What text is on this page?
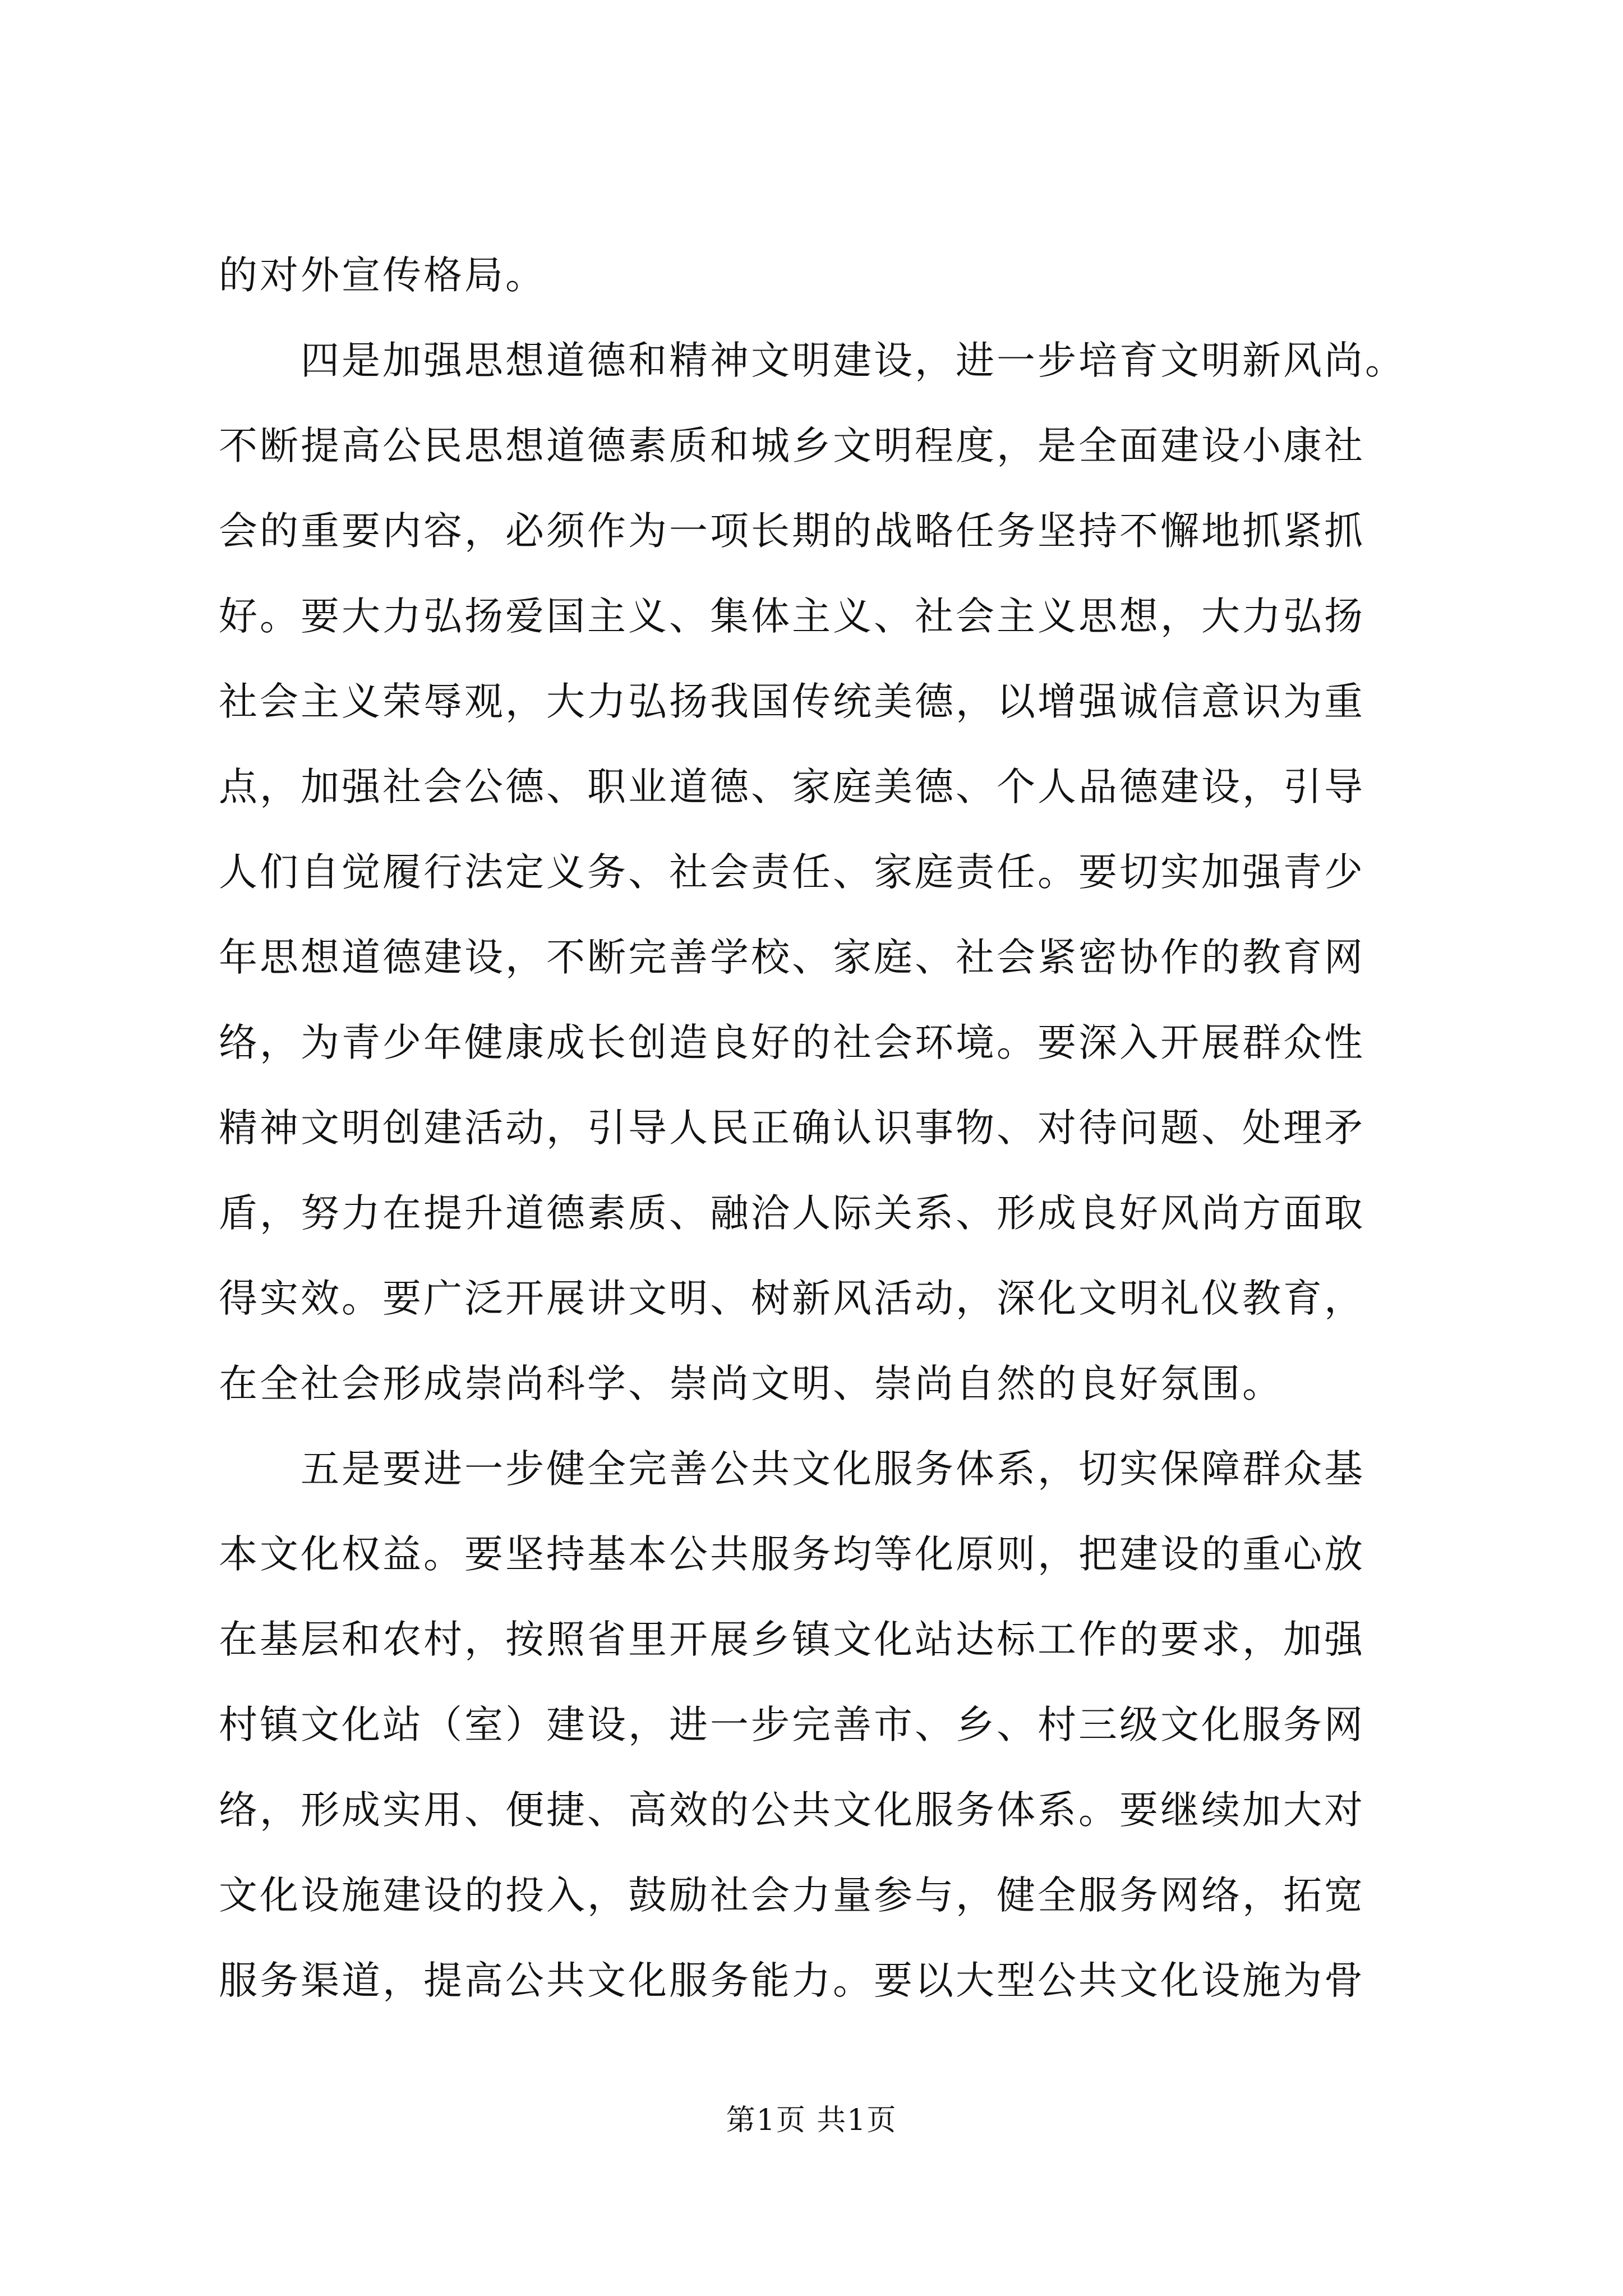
的对外宣传格局。
　　四是加强思想道德和精神文明建设，进一步培育文明新风尚。
不断提高公民思想道德素质和城乡文明程度，是全面建设小康社
会的重要内容，必须作为一项长期的战略任务坚持不懈地抓紧抓
好。要大力弘扬爱国主义、集体主义、社会主义思想，大力弘扬
社会主义荣辱观，大力弘扬我国传统美德，以增强诚信意识为重
点，加强社会公德、职业道德、家庭美德、个人品德建设，引导
人们自觉履行法定义务、社会责任、家庭责任。要切实加强青少
年思想道德建设，不断完善学校、家庭、社会紧密协作的教育网
络，为青少年健康成长创造良好的社会环境。要深入开展群众性
精神文明创建活动，引导人民正确认识事物、对待问题、处理矛
盾，努力在提升道德素质、融洽人际关系、形成良好风尚方面取
得实效。要广泛开展讲文明、树新风活动，深化文明礼仪教育，
在全社会形成崇尚科学、崇尚文明、崇尚自然的良好氛围。
　　五是要进一步健全完善公共文化服务体系，切实保障群众基
本文化权益。要坚持基本公共服务均等化原则，把建设的重心放
在基层和农村，按照省里开展乡镇文化站达标工作的要求，加强
村镇文化站（室）建设，进一步完善市、乡、村三级文化服务网
络，形成实用、便捷、高效的公共文化服务体系。要继续加大对
文化设施建设的投入，鼓励社会力量参与，健全服务网络，拓宽
服务渠道，提高公共文化服务能力。要以大型公共文化设施为骨
第1页 共1页
